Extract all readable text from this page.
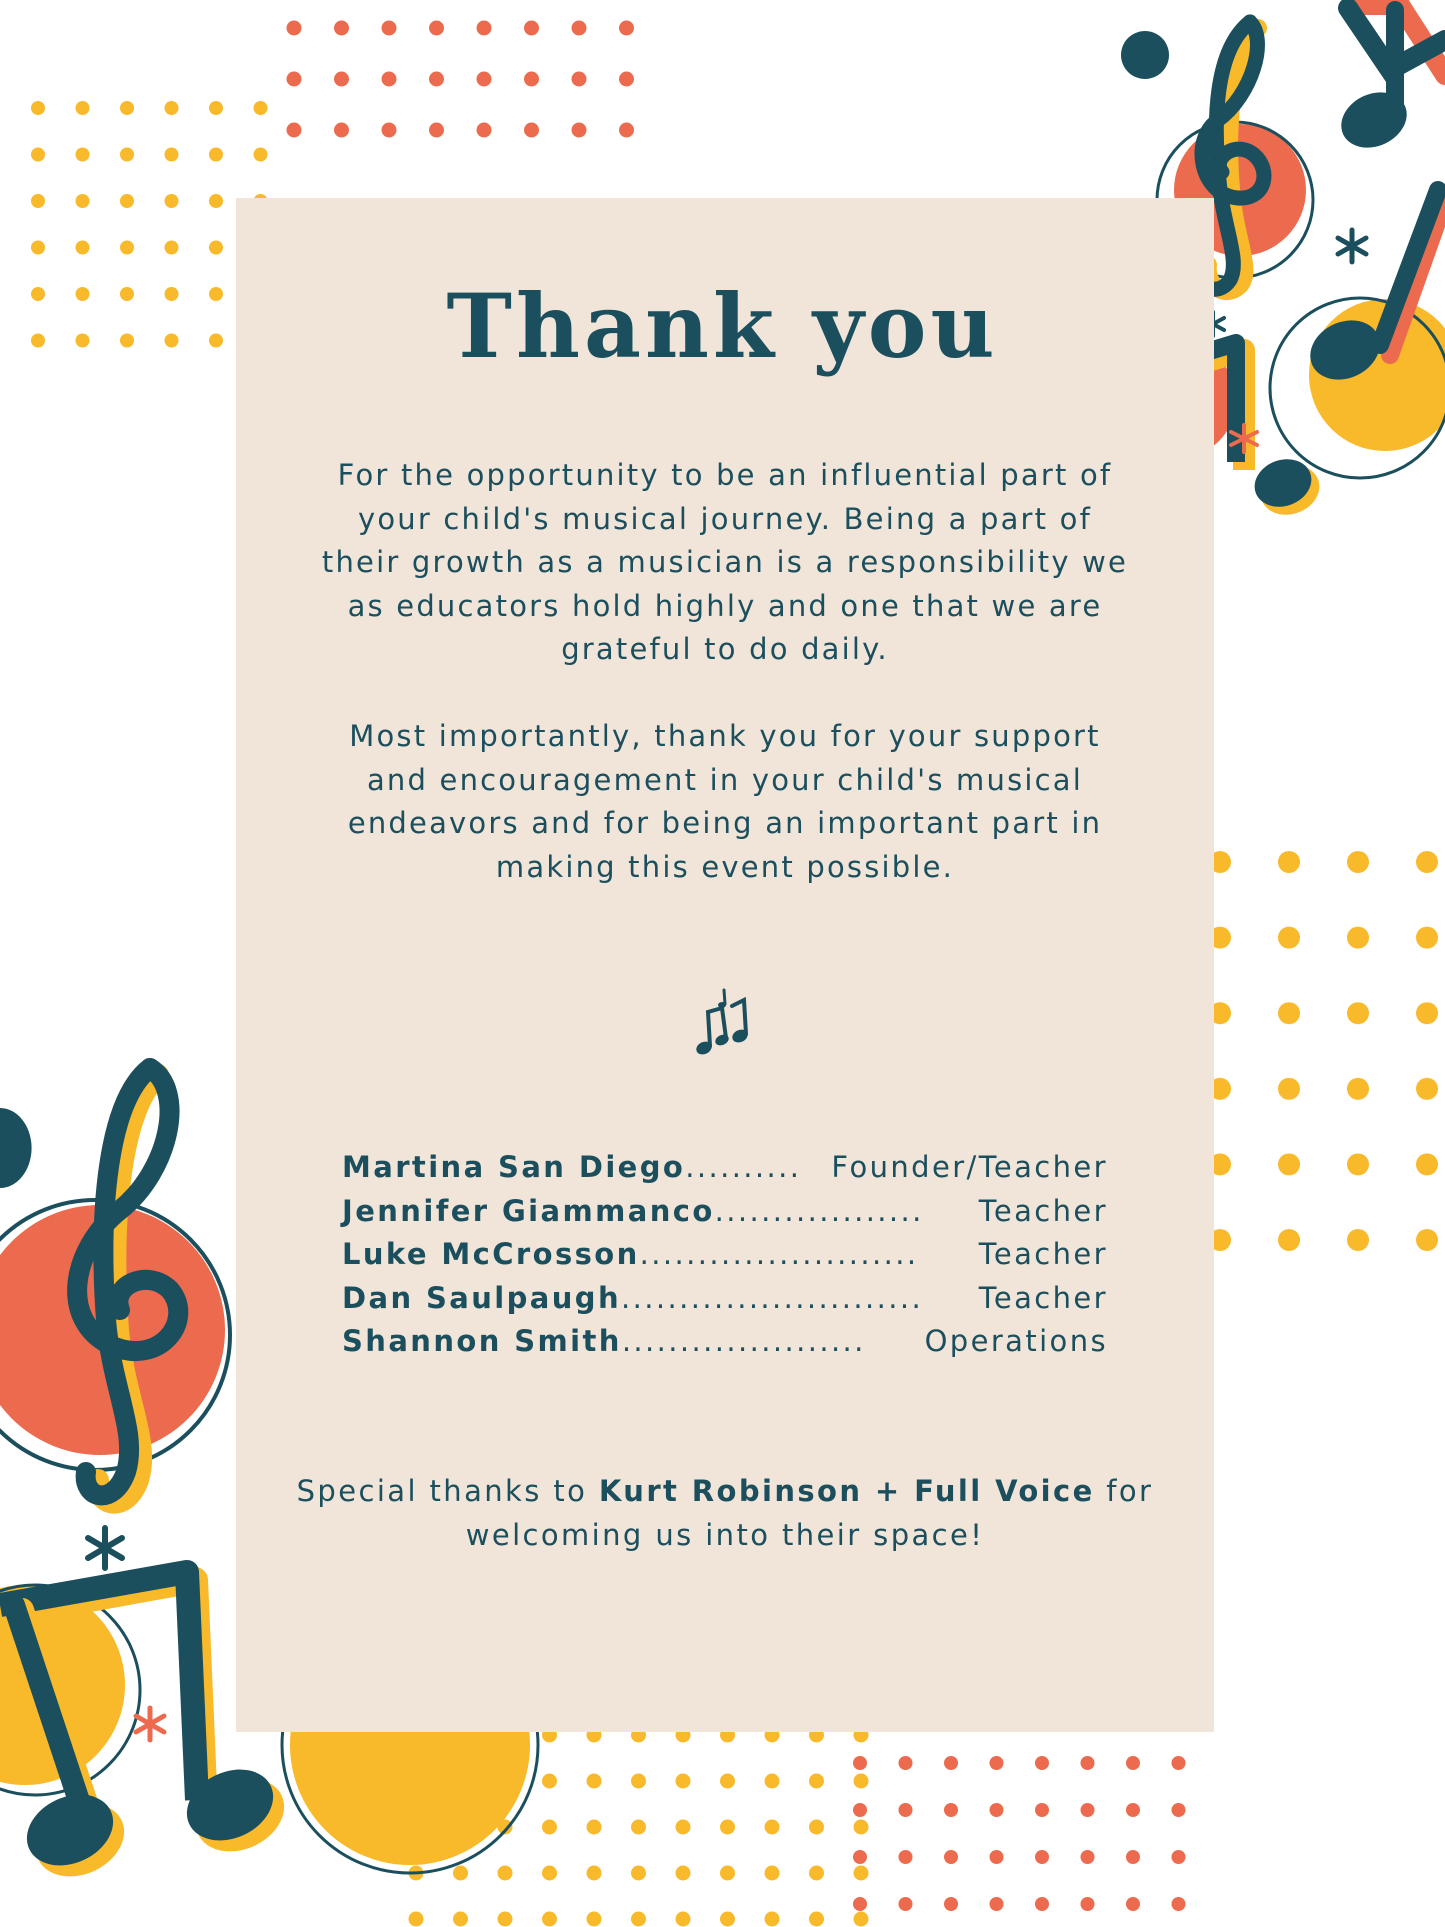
Thank you
For the opportunity to be an influential part of your child's musical journey. Being a part of their growth as a musician is a responsibility we as educators hold highly and one that we are grateful to do daily.
Most importantly, thank you for your support and encouragement in your child's musical endeavors and for being an important part in making this event possible.
Martina San Diego ..........	Founder/Teacher
Jennifer Giammanco ..................	Teacher
Luke McCrosson ........................	Teacher
Dan Saulpaugh ..........................	Teacher
Shannon Smith .....................	Operations
Special thanks to Kurt Robinson + Full Voice for welcoming us into their space!
